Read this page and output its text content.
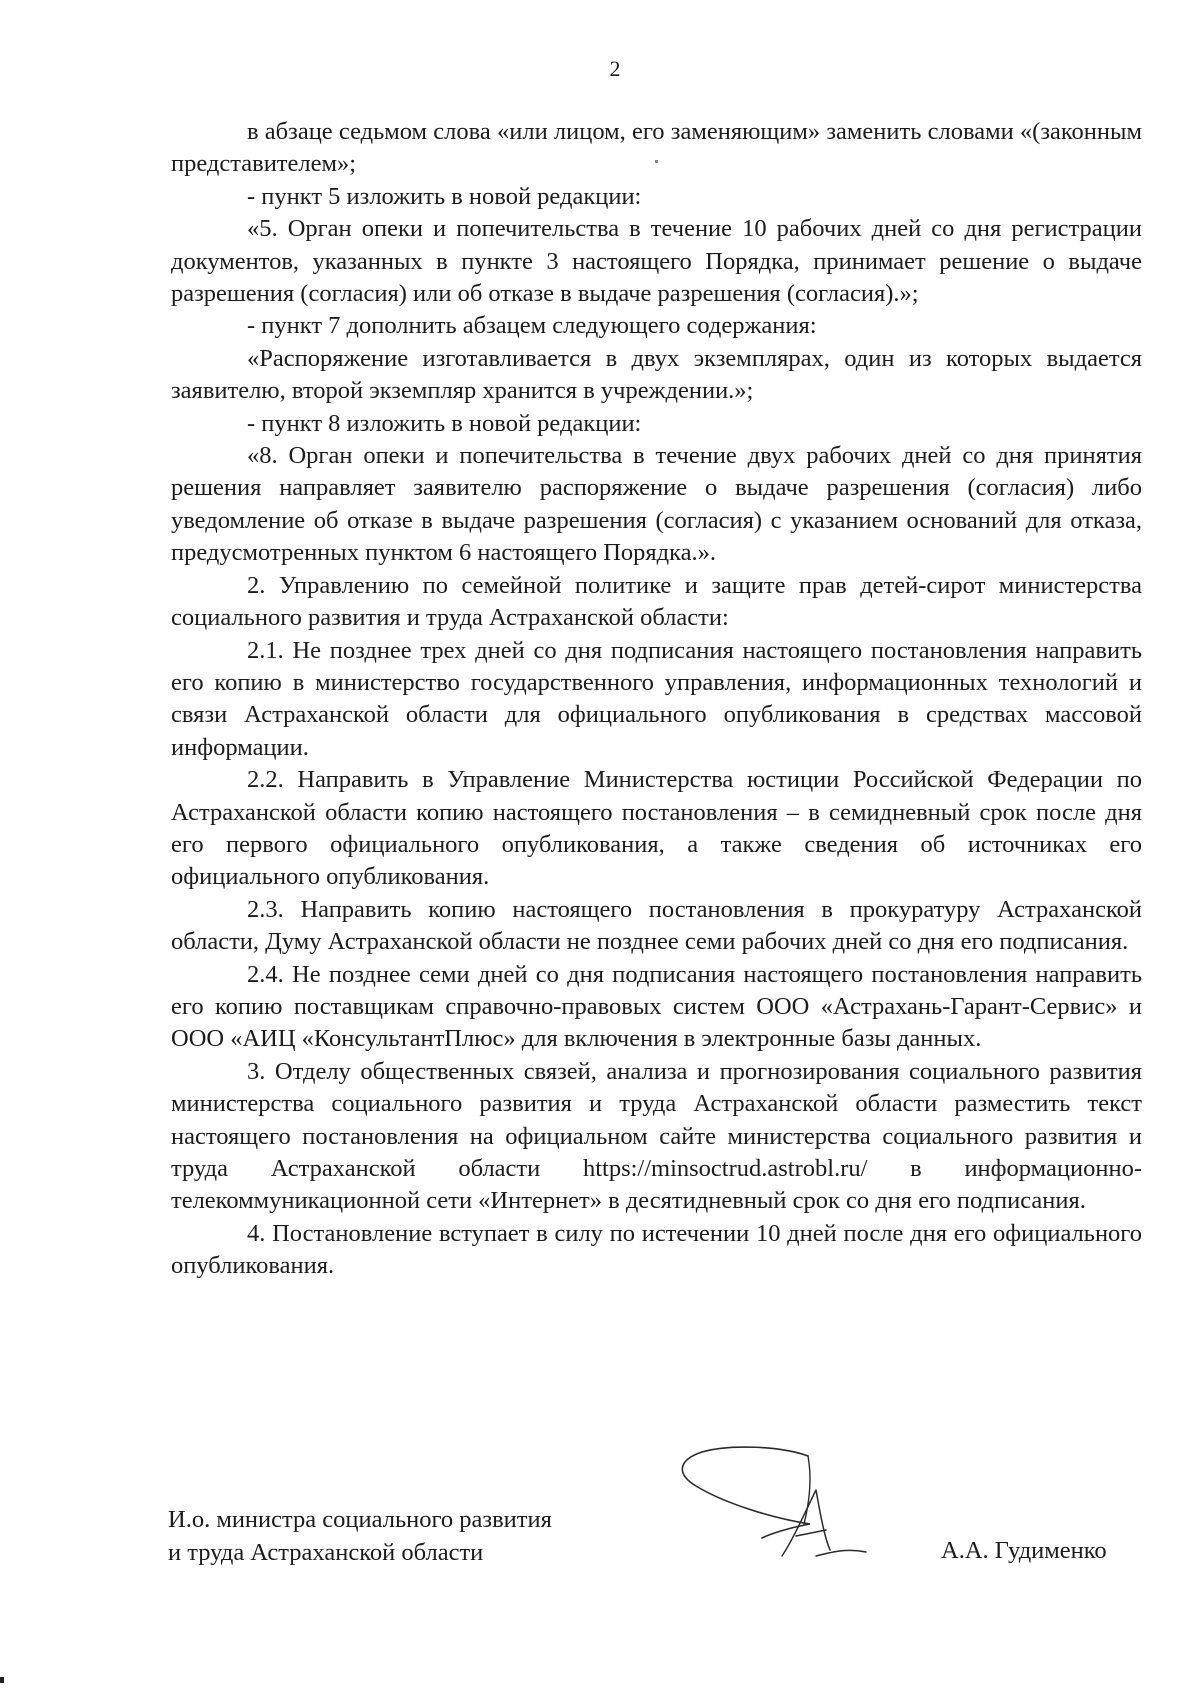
2

в абзаце седьмом слова «или лицом, его заменяющим» заменить словами «(законным представителем»;

- пункт 5 изложить в новой редакции:

«5. Орган опеки и попечительства в течение 10 рабочих дней со дня регистрации документов, указанных в пункте 3 настоящего Порядка, принимает решение о выдаче разрешения (согласия) или об отказе в выдаче разрешения (согласия).»;

- пункт 7 дополнить абзацем следующего содержания:

«Распоряжение изготавливается в двух экземплярах, один из которых выдается заявителю, второй экземпляр хранится в учреждении.»;

- пункт 8 изложить в новой редакции:

«8. Орган опеки и попечительства в течение двух рабочих дней со дня принятия решения направляет заявителю распоряжение о выдаче разрешения (согласия) либо уведомление об отказе в выдаче разрешения (согласия) с указанием оснований для отказа, предусмотренных пунктом 6 настоящего Порядка.».

2. Управлению по семейной политике и защите прав детей-сирот министерства социального развития и труда Астраханской области:

2.1. Не позднее трех дней со дня подписания настоящего постановления направить его копию в министерство государственного управления, информационных технологий и связи Астраханской области для официального опубликования в средствах массовой информации.

2.2. Направить в Управление Министерства юстиции Российской Федерации по Астраханской области копию настоящего постановления – в семидневный срок после дня его первого официального опубликования, а также сведения об источниках его официального опубликования.

2.3. Направить копию настоящего постановления в прокуратуру Астраханской области, Думу Астраханской области не позднее семи рабочих дней со дня его подписания.

2.4. Не позднее семи дней со дня подписания настоящего постановления направить его копию поставщикам справочно-правовых систем ООО «Астрахань-Гарант-Сервис» и ООО «АИЦ «КонсультантПлюс» для включения в электронные базы данных.

3. Отделу общественных связей, анализа и прогнозирования социального развития министерства социального развития и труда Астраханской области разместить текст настоящего постановления на официальном сайте министерства социального развития и труда Астраханской области https://minsoctrud.astrobl.ru/ в информационно-телекоммуникационной сети «Интернет» в десятидневный срок со дня его подписания.

4. Постановление вступает в силу по истечении 10 дней после дня его официального опубликования.

И.о. министра социального развития
и труда Астраханской области	А.А. Гудименко
